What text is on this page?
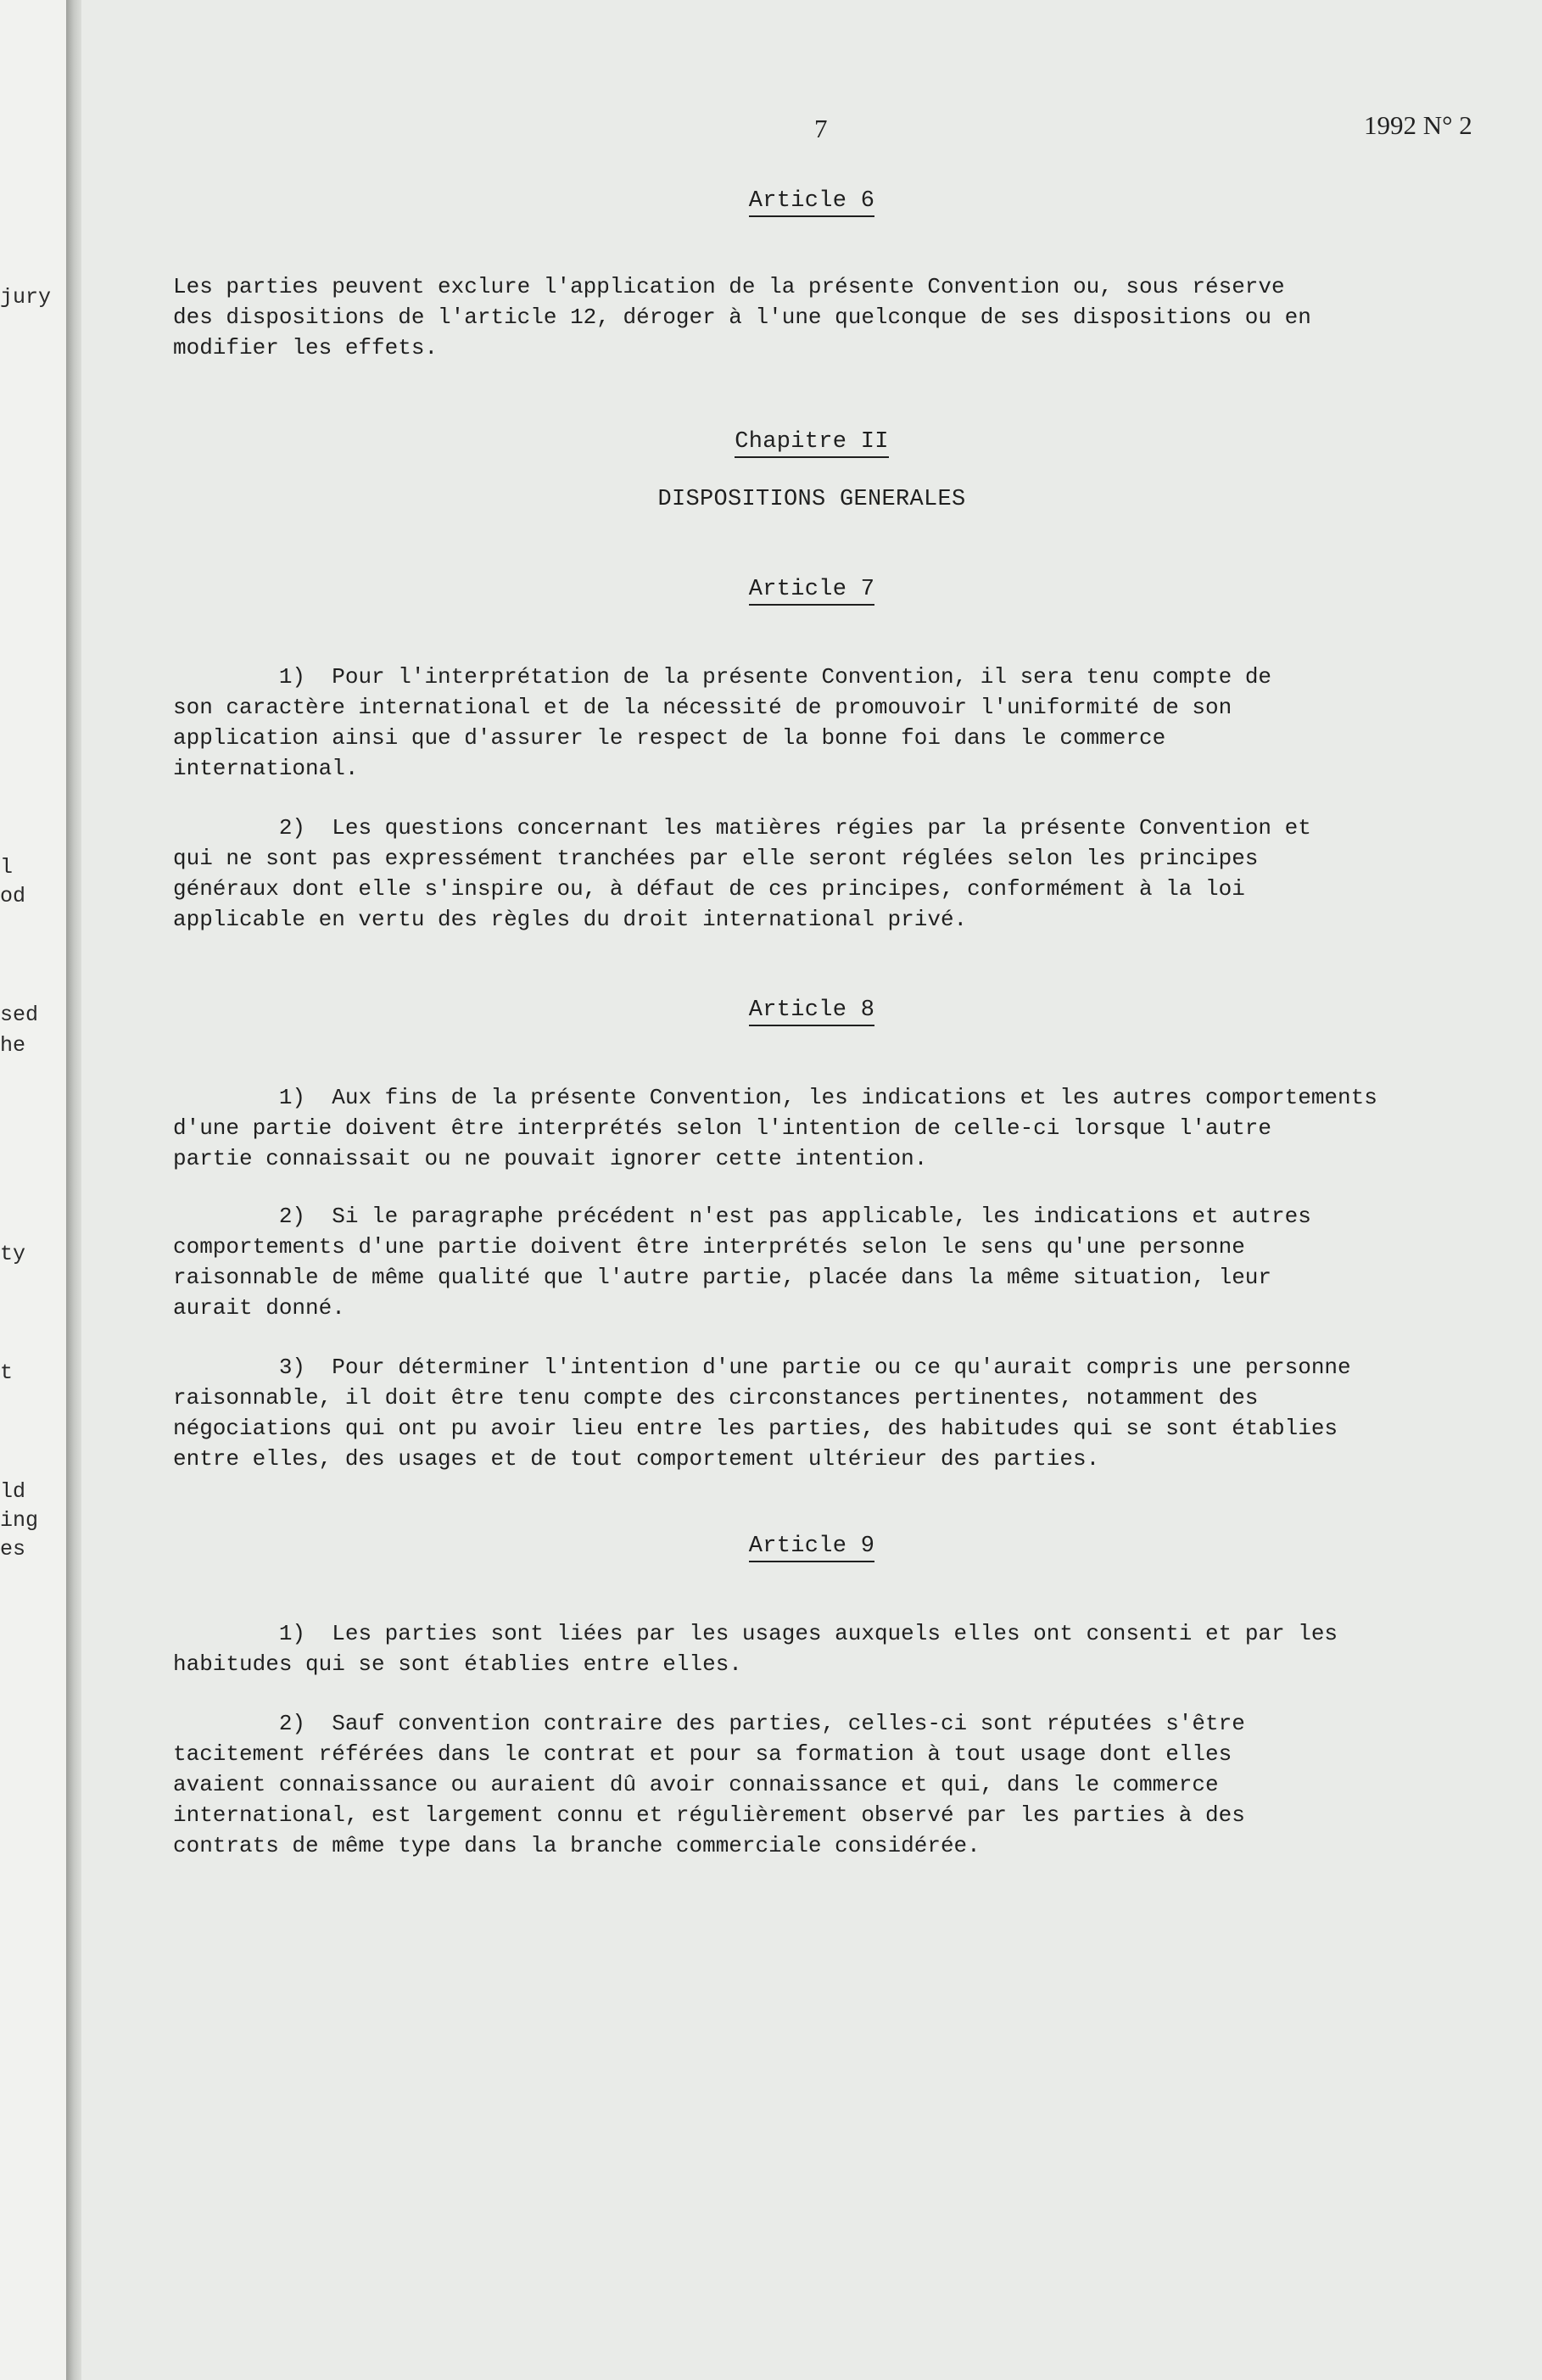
jury
l
od
sed
he
ty
t
ld
ing
es
7	1992 N° 2
Article 6

Les parties peuvent exclure l'application de la présente Convention ou, sous réserve
des dispositions de l'article 12, déroger à l'une quelconque de ses dispositions ou en
modifier les effets.

Chapitre II
DISPOSITIONS GENERALES
Article 7

1)  Pour l'interprétation de la présente Convention, il sera tenu compte de
son caractère international et de la nécessité de promouvoir l'uniformité de son
application ainsi que d'assurer le respect de la bonne foi dans le commerce
international.

2)  Les questions concernant les matières régies par la présente Convention et
qui ne sont pas expressément tranchées par elle seront réglées selon les principes
généraux dont elle s'inspire ou, à défaut de ces principes, conformément à la loi
applicable en vertu des règles du droit international privé.

Article 8

1)  Aux fins de la présente Convention, les indications et les autres comportements
d'une partie doivent être interprétés selon l'intention de celle-ci lorsque l'autre
partie connaissait ou ne pouvait ignorer cette intention.

2)  Si le paragraphe précédent n'est pas applicable, les indications et autres
comportements d'une partie doivent être interprétés selon le sens qu'une personne
raisonnable de même qualité que l'autre partie, placée dans la même situation, leur
aurait donné.

3)  Pour déterminer l'intention d'une partie ou ce qu'aurait compris une personne
raisonnable, il doit être tenu compte des circonstances pertinentes, notamment des
négociations qui ont pu avoir lieu entre les parties, des habitudes qui se sont établies
entre elles, des usages et de tout comportement ultérieur des parties.

Article 9

1)  Les parties sont liées par les usages auxquels elles ont consenti et par les
habitudes qui se sont établies entre elles.

2)  Sauf convention contraire des parties, celles-ci sont réputées s'être
tacitement référées dans le contrat et pour sa formation à tout usage dont elles
avaient connaissance ou auraient dû avoir connaissance et qui, dans le commerce
international, est largement connu et régulièrement observé par les parties à des
contrats de même type dans la branche commerciale considérée.
